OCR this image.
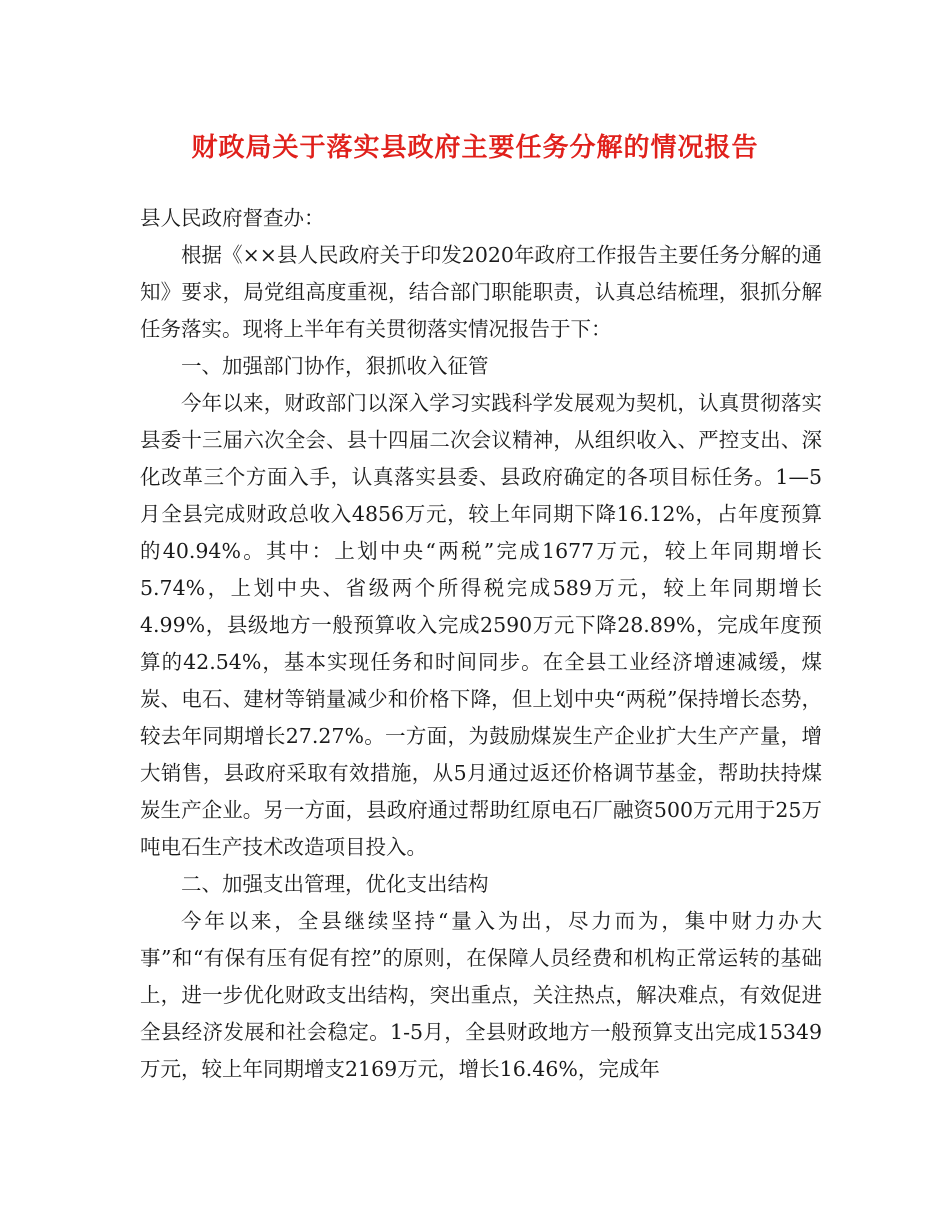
财政局关于落实县政府主要任务分解的情况报告

县人民政府督查办：

根据《××县人民政府关于印发2020年政府工作报告主要任务分解的通知》要求，局党组高度重视，结合部门职能职责，认真总结梳理，狠抓分解任务落实。现将上半年有关贯彻落实情况报告于下：

一、加强部门协作，狠抓收入征管

今年以来，财政部门以深入学习实践科学发展观为契机，认真贯彻落实县委十三届六次全会、县十四届二次会议精神，从组织收入、严控支出、深化改革三个方面入手，认真落实县委、县政府确定的各项目标任务。1—5月全县完成财政总收入4856万元，较上年同期下降16.12%，占年度预算的40.94%。其中：上划中央“两税”完成1677万元，较上年同期增长5.74%，上划中央、省级两个所得税完成589万元，较上年同期增长4.99%，县级地方一般预算收入完成2590万元下降28.89%，完成年度预算的42.54%，基本实现任务和时间同步。在全县工业经济增速减缓，煤炭、电石、建材等销量减少和价格下降，但上划中央“两税”保持增长态势，较去年同期增长27.27%。一方面，为鼓励煤炭生产企业扩大生产产量，增大销售，县政府采取有效措施，从5月通过返还价格调节基金，帮助扶持煤炭生产企业。另一方面，县政府通过帮助红原电石厂融资500万元用于25万吨电石生产技术改造项目投入。

二、加强支出管理，优化支出结构

今年以来，全县继续坚持“量入为出，尽力而为，集中财力办大事”和“有保有压有促有控”的原则，在保障人员经费和机构正常运转的基础上，进一步优化财政支出结构，突出重点，关注热点，解决难点，有效促进全县经济发展和社会稳定。1-5月，全县财政地方一般预算支出完成15349万元，较上年同期增支2169万元，增长16.46%，完成年
